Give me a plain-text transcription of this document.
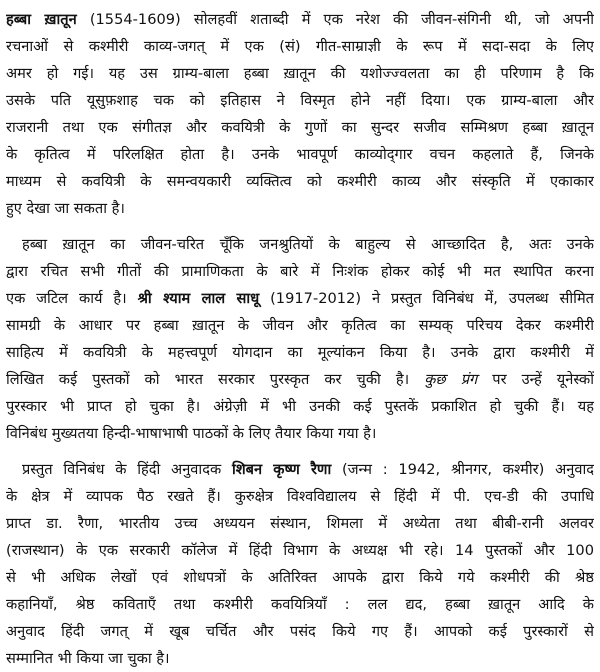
हब्बा ख़ातून (1554-1609) सोलहवीं शताब्दी में एक नरेश की जीवन-संगिनी थी, जो अपनी
रचनाओं से कश्मीरी काव्य-जगत् में एक (सं) गीत-साम्राज्ञी के रूप में सदा-सदा के लिए
अमर हो गई। यह उस ग्राम्य-बाला हब्बा ख़ातून की यशोज्ज्वलता का ही परिणाम है कि
उसके पति यूसुफ़शाह चक को इतिहास ने विस्मृत होने नहीं दिया। एक ग्राम्य-बाला और
राजरानी तथा एक संगीतज्ञ और कवयित्री के गुणों का सुन्दर सजीव सम्मिश्रण हब्बा ख़ातून
के कृतित्व में परिलक्षित होता है। उनके भावपूर्ण काव्योद्‌गार वचन कहलाते हैं, जिनके
माध्यम से कवयित्री के समन्वयकारी व्यक्तित्व को कश्मीरी काव्य और संस्कृति में एकाकार
हुए देखा जा सकता है।
हब्बा ख़ातून का जीवन-चरित चूँकि जनश्रुतियों के बाहुल्य से आच्छादित है, अतः उनके
द्वारा रचित सभी गीतों की प्रामाणिकता के बारे में निःशंक होकर कोई भी मत स्थापित करना
एक जटिल कार्य है। श्री श्याम लाल साधू (1917-2012) ने प्रस्तुत विनिबंध में, उपलब्ध सीमित
सामग्री के आधार पर हब्बा ख़ातून के जीवन और कृतित्व का सम्यक् परिचय देकर कश्मीरी
साहित्य में कवयित्री के महत्त्वपूर्ण योगदान का मूल्यांकन किया है। उनके द्वारा कश्मीरी में
लिखित कई पुस्तकों को भारत सरकार पुरस्कृत कर चुकी है। कुछ प्रंग पर उन्हें यूनेस्कों
पुरस्कार भी प्राप्त हो चुका है। अंग्रेज़ी में भी उनकी कई पुस्तकें प्रकाशित हो चुकी हैं। यह
विनिबंध मुख्यतया हिन्दी-भाषाभाषी पाठकों के लिए तैयार किया गया है।
प्रस्तुत विनिबंध के हिंदी अनुवादक शिबन कृष्ण रैणा (जन्म : 1942, श्रीनगर, कश्मीर) अनुवाद
के क्षेत्र में व्यापक पैठ रखते हैं। कुरुक्षेत्र विश्वविद्यालय से हिंदी में पी. एच-डी की उपाधि
प्राप्त डा. रैणा, भारतीय उच्च अध्ययन संस्थान, शिमला में अध्येता तथा बीबी-रानी अलवर
(राजस्थान) के एक सरकारी कॉलेज में हिंदी विभाग के अध्यक्ष भी रहे। 14 पुस्तकों और 100
से भी अधिक लेखों एवं शोधपत्रों के अतिरिक्त आपके द्वारा किये गये कश्मीरी की श्रेष्ठ
कहानियाँ, श्रेष्ठ कविताएँ तथा कश्मीरी कवयित्रियाँ : लल द्यद, हब्बा ख़ातून आदि के
अनुवाद हिंदी जगत् में खूब चर्चित और पसंद किये गए हैं। आपको कई पुरस्कारों से
सम्मानित भी किया जा चुका है।
